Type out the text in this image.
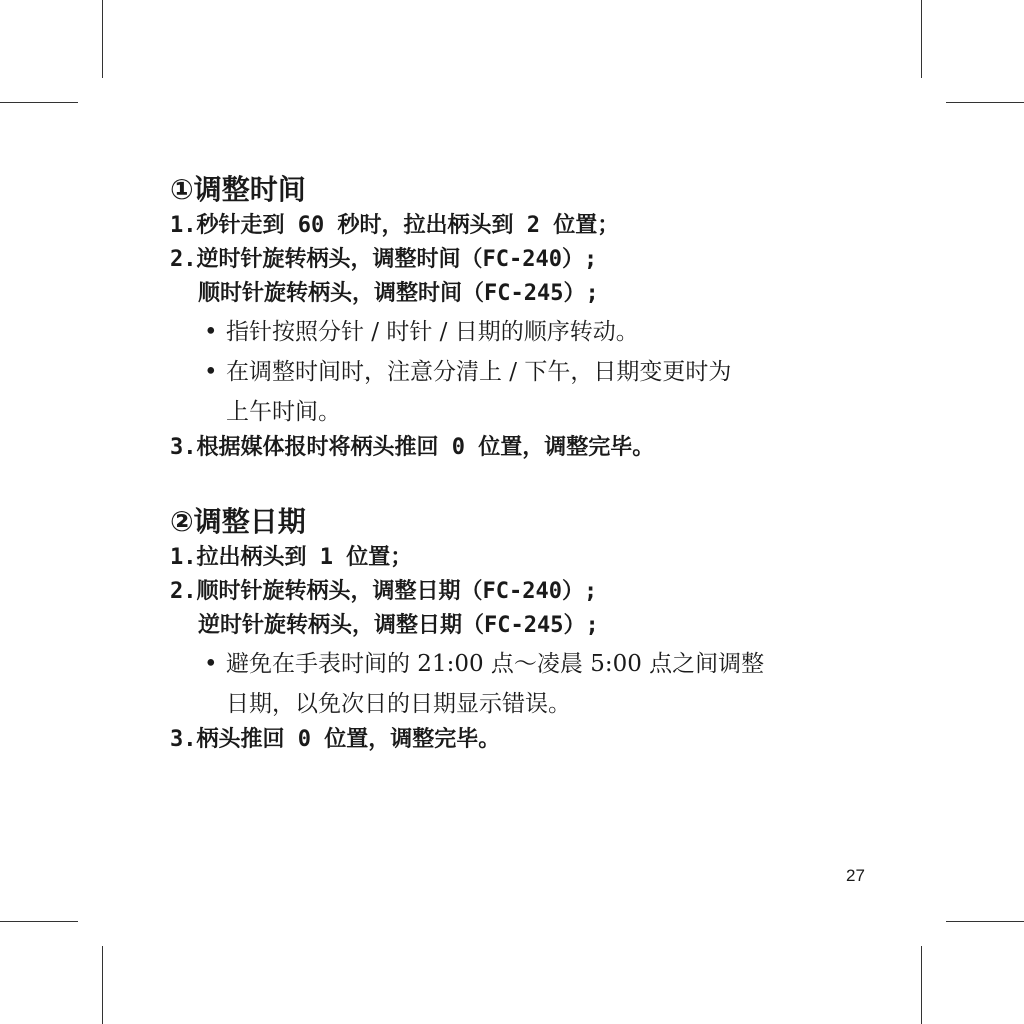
①调整时间
1.秒针走到 60 秒时，拉出柄头到 2 位置；
2.逆时针旋转柄头，调整时间（FC-240）;
顺时针旋转柄头，调整时间（FC-245）;
• 指针按照分针 / 时针 / 日期的顺序转动。
• 在调整时间时，注意分清上 / 下午，日期变更时为
上午时间。
3.根据媒体报时将柄头推回 0 位置，调整完毕。
②调整日期
1.拉出柄头到 1 位置；
2.顺时针旋转柄头，调整日期（FC-240）;
逆时针旋转柄头，调整日期（FC-245）;
• 避免在手表时间的 21:00 点～凌晨 5:00 点之间调整
日期，以免次日的日期显示错误。
3.柄头推回 0 位置，调整完毕。
27
